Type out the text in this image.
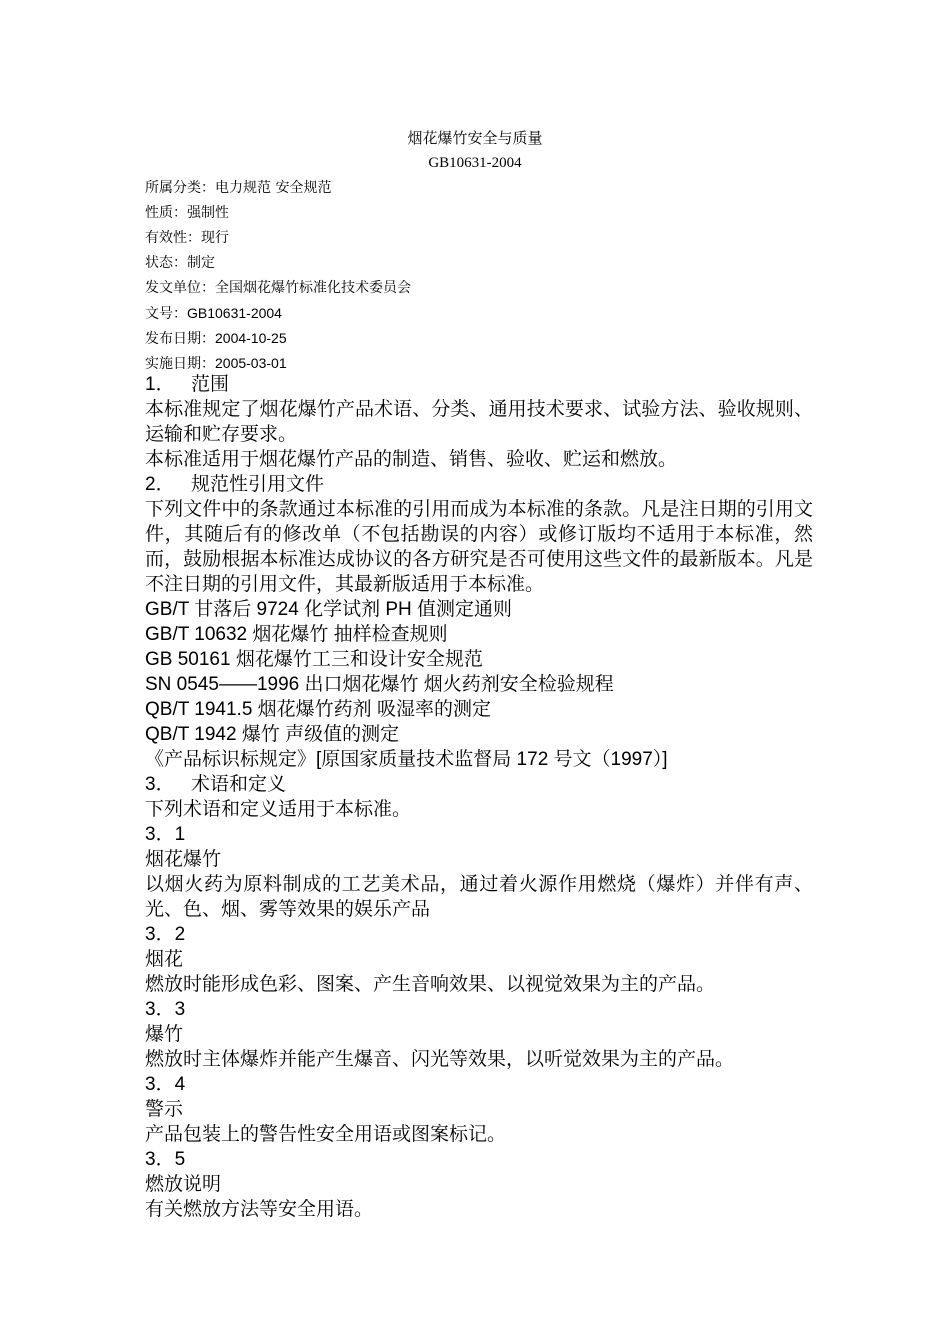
烟花爆竹安全与质量
GB10631-2004
所属分类：电力规范 安全规范
性质：强制性
有效性：现行
状态：制定
发文单位：全国烟花爆竹标准化技术委员会
文号：GB10631-2004
发布日期：2004-10-25
实施日期：2005-03-01
1． 范围
本标准规定了烟花爆竹产品术语、分类、通用技术要求、试验方法、验收规则、运输和贮存要求。
本标准适用于烟花爆竹产品的制造、销售、验收、贮运和燃放。
2． 规范性引用文件
下列文件中的条款通过本标准的引用而成为本标准的条款。凡是注日期的引用文件，其随后有的修改单（不包括勘误的内容）或修订版均不适用于本标准，然而，鼓励根据本标准达成协议的各方研究是否可使用这些文件的最新版本。凡是不注日期的引用文件，其最新版适用于本标准。
GB/T 甘落后 9724 化学试剂 PH 值测定通则
GB/T 10632 烟花爆竹 抽样检查规则
GB 50161 烟花爆竹工三和设计安全规范
SN 0545——1996 出口烟花爆竹 烟火药剂安全检验规程
QB/T 1941.5 烟花爆竹药剂 吸湿率的测定
QB/T 1942 爆竹 声级值的测定
《产品标识标规定》[原国家质量技术监督局 172 号文（1997）]
3． 术语和定义
下列术语和定义适用于本标准。
3．1
烟花爆竹
以烟火药为原料制成的工艺美术品，通过着火源作用燃烧（爆炸）并伴有声、光、色、烟、雾等效果的娱乐产品
3．2
烟花
燃放时能形成色彩、图案、产生音响效果、以视觉效果为主的产品。
3．3
爆竹
燃放时主体爆炸并能产生爆音、闪光等效果，以听觉效果为主的产品。
3．4
警示
产品包装上的警告性安全用语或图案标记。
3．5
燃放说明
有关燃放方法等安全用语。
